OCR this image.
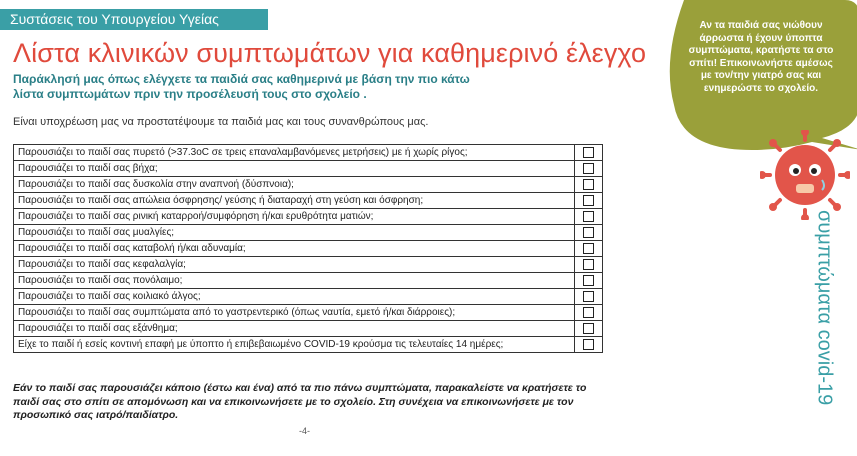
Συστάσεις του Υπουργείου Υγείας
Λίστα κλινικών συμπτωμάτων για καθημερινό έλεγχο
Παράκλησή μας όπως ελέγχετε τα παιδιά σας καθημερινά με βάση την πιο κάτω λίστα συμπτωμάτων πριν την προσέλευσή τους στο σχολείο .
Είναι υποχρέωση μας να προστατέψουμε τα παιδιά μας και τους συνανθρώπους μας.
Παρουσιάζει το παιδί σας πυρετό (>37.3oC σε τρεις επαναλαμβανόμενες μετρήσεις) με ή χωρίς ρίγος;	
Παρουσιάζει το παιδί σας βήχα;	
Παρουσιάζει το παιδί σας δυσκολία στην αναπνοή (δύσπνοια);	
Παρουσιάζει το παιδί σας απώλεια όσφρησης/ γεύσης ή διαταραχή στη γεύση και όσφρηση;	
Παρουσιάζει το παιδί σας ρινική καταρροή/συμφόρηση ή/και ερυθρότητα ματιών;	
Παρουσιάζει το παιδί σας μυαλγίες;	
Παρουσιάζει το παιδί σας καταβολή ή/και αδυναμία;	
Παρουσιάζει το παιδί σας κεφαλαλγία;	
Παρουσιάζει το παιδί σας πονόλαιμο;	
Παρουσιάζει το παιδί σας κοιλιακό άλγος;	
Παρουσιάζει το παιδί σας συμπτώματα από το γαστρεντερικό (όπως ναυτία, εμετό ή/και διάρροιες);	
Παρουσιάζει το παιδί σας εξάνθημα;	
Είχε το παιδί ή εσείς κοντινή επαφή με ύποπτο ή επιβεβαιωμένο COVID-19 κρούσμα τις τελευταίες 14 ημέρες;	
Εάν το παιδί σας παρουσιάζει κάποιο (έστω και ένα) από τα πιο πάνω συμπτώματα, παρακαλείστε να κρατήσετε το παιδί σας στο σπίτι σε απομόνωση και να επικοινωνήσετε με το σχολείο. Στη συνέχεια να επικοινωνήσετε με τον προσωπικό σας ιατρό/παιδίατρο.
-4-
Αν τα παιδιά σας νιώθουν άρρωστα ή έχουν ύποπτα συμπτώματα, κρατήστε τα στο σπίτι! Επικοινωνήστε αμέσως με τον/την γιατρό σας και ενημερώστε το σχολείο.
συμπτώματα covid-19
